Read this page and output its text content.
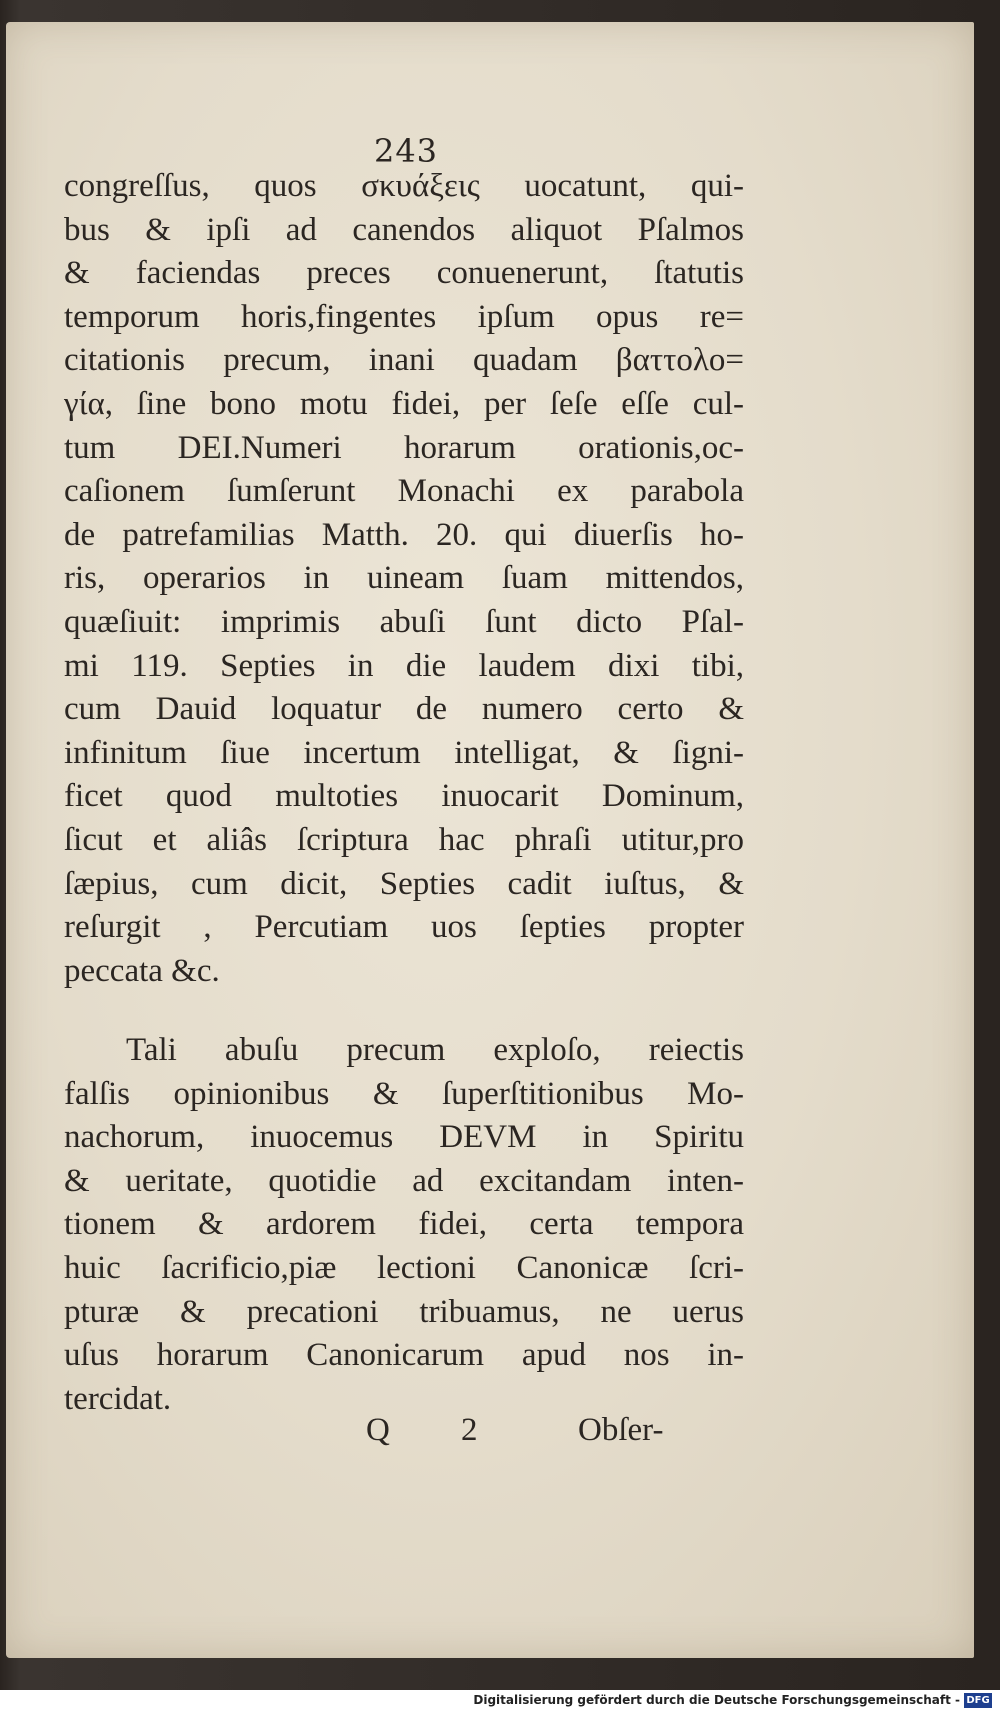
243
congreſſus, quos σκυάξεις uocatunt, qui-
bus & ipſi ad canendos aliquot Pſalmos
& faciendas preces conuenerunt, ſtatutis
temporum horis,fingentes ipſum opus re=
citationis precum, inani quadam βαττολο=
γία, ſine bono motu fidei, per ſeſe eſſe cul-
tum DEI.Numeri horarum orationis,oc-
caſionem ſumſerunt Monachi ex parabola
de patrefamilias Matth. 20. qui diuerſis ho-
ris, operarios in uineam ſuam mittendos,
quæſiuit: imprimis abuſi ſunt dicto Pſal-
mi 119. Septies in die laudem dixi tibi,
cum Dauid loquatur de numero certo &
infinitum ſiue incertum intelligat, & ſigni-
ficet quod multoties inuocarit Dominum,
ſicut et aliâs ſcriptura hac phraſi utitur,pro
ſæpius, cum dicit, Septies cadit iuſtus, &
reſurgit , Percutiam uos ſepties propter
peccata &c.
Tali abuſu precum exploſo, reiectis
falſis opinionibus & ſuperſtitionibus Mo-
nachorum, inuocemus DEVM in Spiritu
& ueritate, quotidie ad excitandam inten-
tionem & ardorem fidei, certa tempora
huic ſacrificio,piæ lectioni Canonicæ ſcri-
pturæ & precationi tribuamus, ne uerus
uſus horarum Canonicarum apud nos in-
tercidat.
Q 2	Obſer-
Digitalisierung gefördert durch die Deutsche Forschungsgemeinschaft - DFG
